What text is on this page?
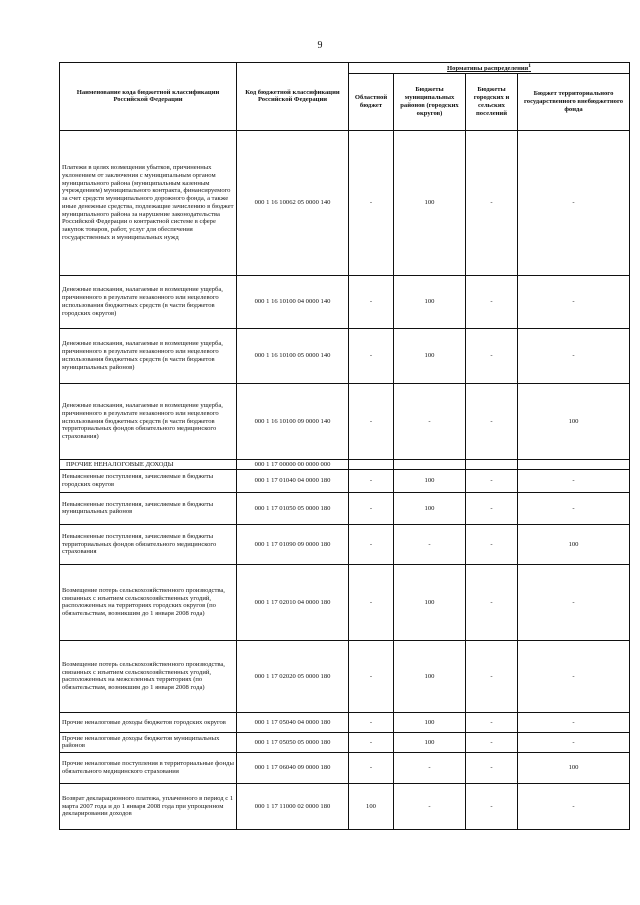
9
Наименование кода бюджетной классификации Российской Федерации	Код бюджетной классификации Российской Федерации	Нормативы распределения$^1$
		Областной бюджет	Бюджеты муниципальных районов (городских округов)	Бюджеты городских и сельских поселений	Бюджет территориального государственного внебюджетного фонда
Платежи в целях возмещения убытков, причиненных уклонением от заключения с муниципальным органом муниципального района (муниципальным казенным учреждением) муниципального контракта, финансируемого за счет средств муниципального дорожного фонда, а также иные денежные средства, подлежащие зачислению в бюджет муниципального района за нарушение законодательства Российской Федерации о контрактной системе в сфере закупок товаров, работ, услуг для обеспечения государственных и муниципальных нужд	000 1 16 10062 05 0000 140	-	100	-	-
Денежные взыскания, налагаемые в возмещение ущерба, причиненного в результате незаконного или нецелевого использования бюджетных средств (в части бюджетов городских округов)	000 1 16 10100 04 0000 140	-	100	-	-
Денежные взыскания, налагаемые в возмещение ущерба, причиненного в результате незаконного или нецелевого использования бюджетных средств (в части бюджетов муниципальных районов)	000 1 16 10100 05 0000 140	-	100	-	-
Денежные взыскания, налагаемые в возмещение ущерба, причиненного в результате незаконного или нецелевого использования бюджетных средств (в части бюджетов территориальных фондов обязательного медицинского страхования)	000 1 16 10100 09 0000 140	-	-	-	100
ПРОЧИЕ НЕНАЛОГОВЫЕ ДОХОДЫ	000 1 17 00000 00 0000 000				
Невыясненные поступления, зачисляемые в бюджеты городских округов	000 1 17 01040 04 0000 180	-	100	-	-
Невыясненные поступления, зачисляемые в бюджеты муниципальных районов	000 1 17 01050 05 0000 180	-	100	-	-
Невыясненные поступления, зачисляемые в бюджеты территориальных фондов обязательного медицинского страхования	000 1 17 01090 09 0000 180	-	-	-	100
Возмещение потерь сельскохозяйственного производства, связанных с изъятием сельскохозяйственных угодий, расположенных на территориях городских округов (по обязательствам, возникшим до 1 января 2008 года)	000 1 17 02010 04 0000 180	-	100	-	-
Возмещение потерь сельскохозяйственного производства, связанных с изъятием сельскохозяйственных угодий, расположенных на межселенных территориях (по обязательствам, возникшим до 1 января 2008 года)	000 1 17 02020 05 0000 180	-	100	-	-
Прочие неналоговые доходы бюджетов городских округов	000 1 17 05040 04 0000 180	-	100	-	-
Прочие неналоговые доходы бюджетов муниципальных районов	000 1 17 05050 05 0000 180	-	100	-	-
Прочие неналоговые поступления в территориальные фонды обязательного медицинского страхования	000 1 17 06040 09 0000 180	-	-	-	100
Возврат декларационного платежа, уплаченного в период с 1 марта 2007 года и до 1 января 2008 года при упрощенном декларировании доходов	000 1 17 11000 02 0000 180	100	-	-	-
